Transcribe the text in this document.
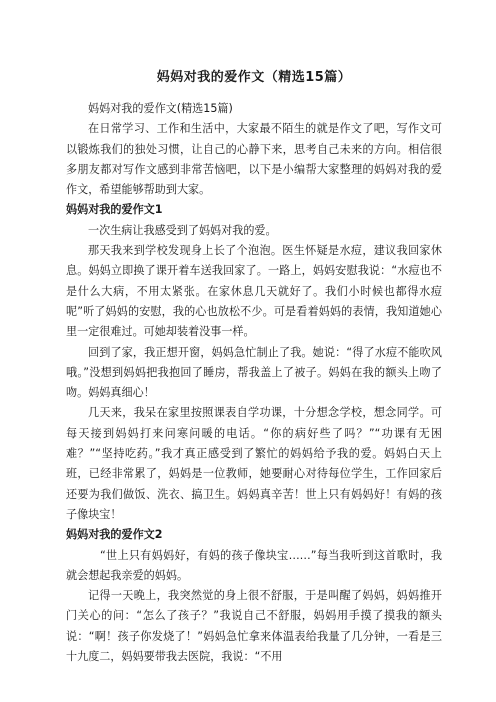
妈妈对我的爱作文（精选15篇）

妈妈对我的爱作文(精选15篇)

在日常学习、工作和生活中，大家最不陌生的就是作文了吧，写作文可以锻炼我们的独处习惯，让自己的心静下来，思考自己未来的方向。相信很多朋友都对写作文感到非常苦恼吧，以下是小编帮大家整理的妈妈对我的爱作文，希望能够帮助到大家。

妈妈对我的爱作文1

一次生病让我感受到了妈妈对我的爱。

那天我来到学校发现身上长了个泡泡。医生怀疑是水痘，建议我回家休息。妈妈立即换了课开着车送我回家了。一路上，妈妈安慰我说：“水痘也不是什么大病，不用太紧张。在家休息几天就好了。我们小时候也都得水痘呢”听了妈妈的安慰，我的心也放松不少。可是看着妈妈的表情，我知道她心里一定很难过。可她却装着没事一样。

回到了家，我正想开窗，妈妈急忙制止了我。她说：“得了水痘不能吹风哦。”没想到妈妈把我抱回了睡房，帮我盖上了被子。妈妈在我的额头上吻了吻。妈妈真细心！

几天来，我呆在家里按照课表自学功课，十分想念学校，想念同学。可每天接到妈妈打来问寒问暖的电话。“你的病好些了吗？”“功课有无困难？”“坚持吃药。”我才真正感受到了繁忙的妈妈给予我的爱。妈妈白天上班，已经非常累了，妈妈是一位教师，她要耐心对待每位学生，工作回家后还要为我们做饭、洗衣、搞卫生。妈妈真辛苦！世上只有妈妈好！有妈的孩子像块宝！

妈妈对我的爱作文2

“世上只有妈妈好，有妈的孩子像块宝……”每当我听到这首歌时，我就会想起我亲爱的妈妈。

记得一天晚上，我突然觉的身上很不舒服，于是叫醒了妈妈，妈妈推开门关心的问：“怎么了孩子？”我说自己不舒服，妈妈用手摸了摸我的额头说：“啊！孩子你发烧了！”妈妈急忙拿来体温表给我量了几分钟，一看是三十九度二，妈妈要带我去医院，我说：“不用
